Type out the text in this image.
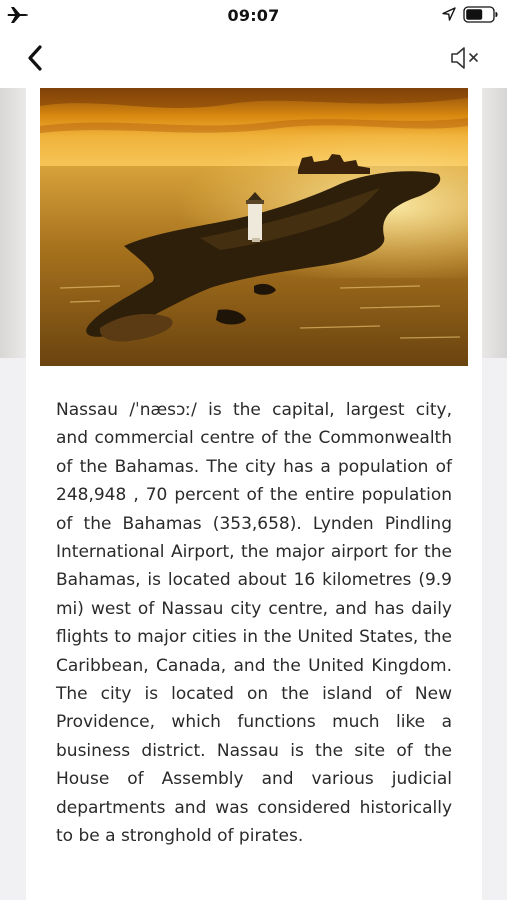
09:07

Nassau /ˈnæsɔː/ is the capital, largest city, and commercial centre of the Commonwealth of the Bahamas. The city has a population of 248,948 , 70 percent of the entire population of the Bahamas (353,658). Lynden Pindling International Airport, the major airport for the Bahamas, is located about 16 kilometres (9.9 mi) west of Nassau city centre, and has daily flights to major cities in the United States, the Caribbean, Canada, and the United Kingdom. The city is located on the island of New Providence, which functions much like a business district. Nassau is the site of the House of Assembly and various judicial departments and was considered historically to be a stronghold of pirates.
